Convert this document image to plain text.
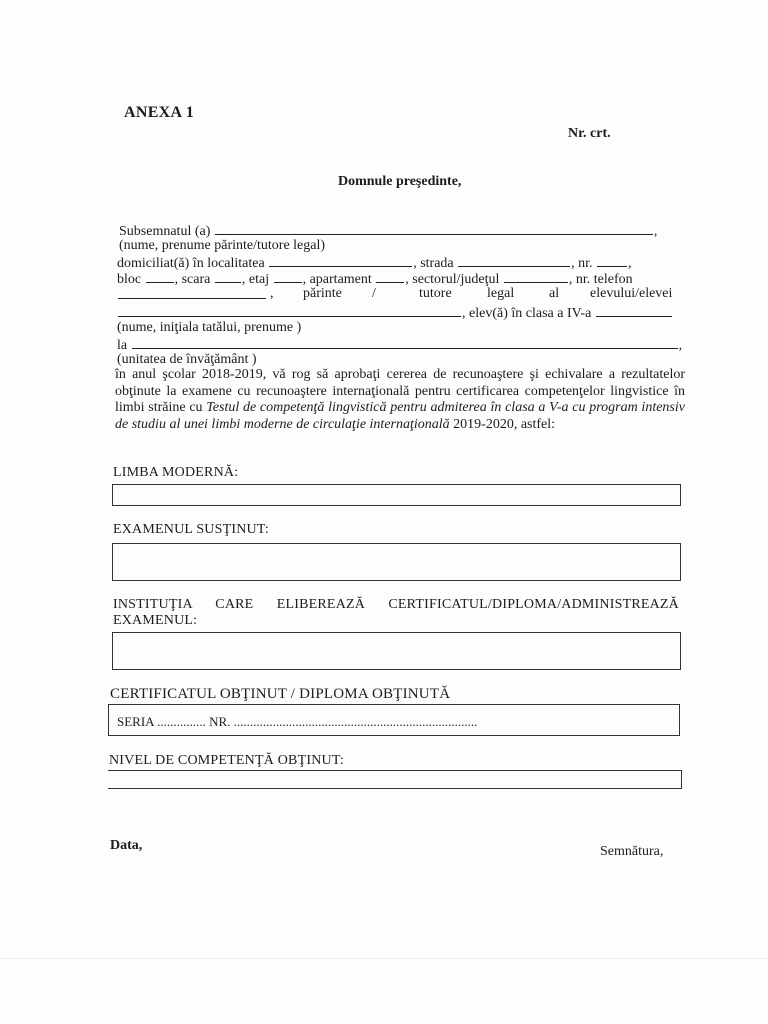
ANEXA 1
Nr. crt.
Domnule preşedinte,
Subsemnatul (a)	,
(nume, prenume părinte/tutore legal)
domiciliat(ă) în localitatea	, strada	, nr.	,
bloc , scara , etaj , apartament , sectorul/judeţul	, nr. telefon
, părinte /	tutore	legal al elevului/elevei
, elev(ă) în clasa a IV-a
(nume, iniţiala tatălui, prenume )
la	,
(unitatea de învăţământ )
în anul şcolar 2018-2019, vă rog să aprobaţi cererea de recunoaştere şi echivalare a rezultatelor obţinute la examene cu recunoaştere internaţională pentru certificarea competenţelor lingvistice în limbi străine cu Testul de competenţă lingvistică pentru admiterea în clasa a V-a cu program intensiv de studiu al unei limbi moderne de circulaţie internaţională 2019-2020, astfel:
LIMBA MODERNĂ:
EXAMENUL SUSŢINUT:
INSTITUŢIA CARE ELIBEREAZĂ CERTIFICATUL/DIPLOMA/ADMINISTREAZĂ EXAMENUL:
CERTIFICATUL OBŢINUT / DIPLOMA OBŢINUTĂ
SERIA ............... NR. ...........................................................................
NIVEL DE COMPETENŢĂ OBŢINUT:
Data,	Semnătura,
